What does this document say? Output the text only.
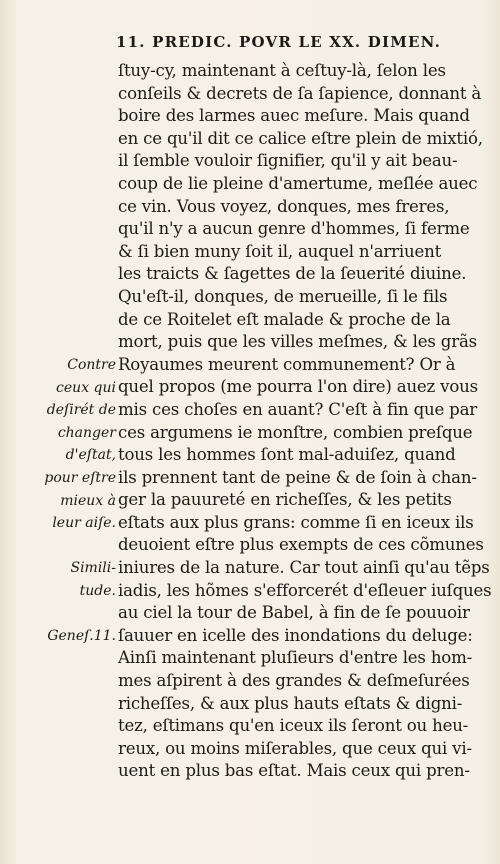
11. PREDIC. POVR LE XX. DIMEN.
ſtuy-cy, maintenant à ceſtuy-là, ſelon les
conſeils & decrets de ſa ſapience, donnant à
boire des larmes auec meſure. Mais quand
en ce qu'il dit ce calice eſtre plein de mixtió,
il ſemble vouloir ſignifier, qu'il y ait beau-
coup de lie pleine d'amertume, meſlée auec
ce vin. Vous voyez, donques, mes freres,
qu'il n'y a aucun genre d'hommes, ſi ferme
& ſi bien muny ſoit il, auquel n'arriuent
les traicts & ſagettes de la ſeuerité diuine.
Qu'eſt-il, donques, de merueille, ſi le fils
de ce Roitelet eſt malade & proche de la
mort, puis que les villes meſmes, & les grãs
Royaumes meurent communement? Or à
quel propos (me pourra l'on dire) auez vous
mis ces choſes en auant? C'eſt à fin que par
ces argumens ie monſtre, combien preſque
tous les hommes ſont mal-aduiſez, quand
ils prennent tant de peine & de ſoin à chan-
ger la pauureté en richeſſes, & les petits
eſtats aux plus grans: comme ſi en iceux ils
deuoient eſtre plus exempts de ces cõmunes
iniures de la nature. Car tout ainſi qu'au tẽps
iadis, les hõmes s'efforcerét d'eſleuer iuſques
au ciel la tour de Babel, à fin de ſe pouuoir
ſauuer en icelle des inondations du deluge:
Ainſi maintenant pluſieurs d'entre les hom-
mes aſpirent à des grandes & deſmeſurées
richeſſes, & aux plus hauts eſtats & digni-
tez, eſtimans qu'en iceux ils ſeront ou heu-
reux, ou moins miſerables, que ceux qui vi-
uent en plus bas eſtat. Mais ceux qui pren-
Contre
ceux qui
deſirét de
changer
d'eſtat,
pour eſtre
mieux à
leur aiſe.
Simili-
tude.
Geneſ.11.
